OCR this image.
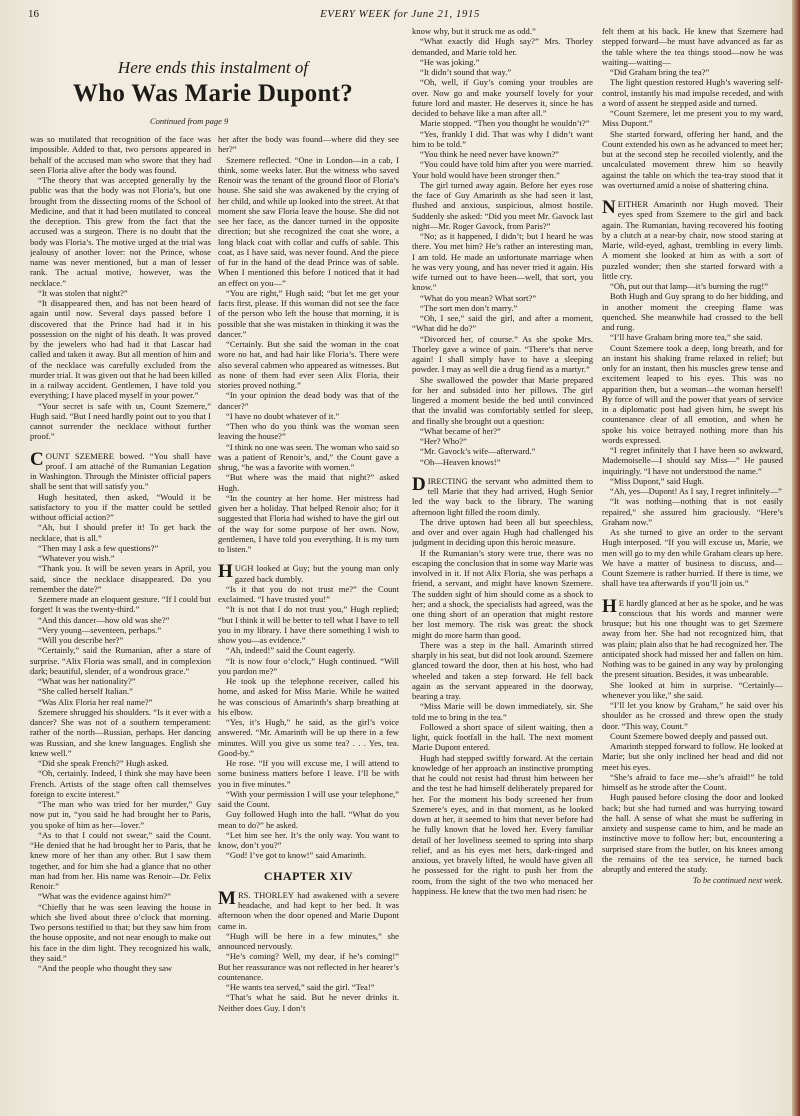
16	EVERY WEEK for June 21, 1915

Here ends this instalment of

Who Was Marie Dupont?
Continued from page 9

was so mutilated that recognition of the face was impossible. Added to that, two persons appeared in behalf of the accused man who swore that they had seen Floria alive after the body was found.

“The theory that was accepted generally by the public was that the body was not Floria’s, but one brought from the dissecting rooms of the School of Medicine, and that it had been mutilated to conceal the deception. This grew from the fact that the accused was a surgeon. There is no doubt that the body was Floria’s. The motive urged at the trial was jealousy of another lover: not the Prince, whose name was never mentioned, but a man of lesser rank. The actual motive, however, was the necklace.”

“It was stolen that night?”

“It disappeared then, and has not been heard of again until now. Several days passed before I discovered that the Prince had had it in his possession on the night of his death. It was proved by the jewelers who had had it that Lascar had called and taken it away. But all mention of him and of the necklace was carefully excluded from the murder trial. It was given out that he had been killed in a railway accident. Gentlemen, I have told you everything; I have placed myself in your power.”

“Your secret is safe with us, Count Szemere,” Hugh said. “But I need hardly point out to you that I cannot surrender the necklace without further proof.”

COUNT SZEMERE bowed. “You shall have proof. I am attaché of the Rumanian Legation in Washington. Through the Minister official papers shall be sent that will satisfy you.”

Hugh hesitated, then asked, “Would it be satisfactory to you if the matter could be settled without official action?”

“Ah, but I should prefer it! To get back the necklace, that is all.”

“Then may I ask a few questions?”

“Whatever you wish.”

“Thank you. It will be seven years in April, you said, since the necklace disappeared. Do you remember the date?”

Szemere made an eloquent gesture. “If I could but forget! It was the twenty-third.”

“And this dancer—how old was she?”

“Very young—seventeen, perhaps.”

“Will you describe her?”

“Certainly,” said the Rumanian, after a stare of surprise. “Alix Floria was small, and in complexion dark; beautiful, slender, of a wondrous grace.”

“What was her nationality?”

“She called herself Italian.”

“Was Alix Floria her real name?”

Szemere shrugged his shoulders. “Is it ever with a dancer? She was not of a southern temperament: rather of the north—Russian, perhaps. Her dancing was Russian, and she knew languages. English she knew well.”

“Did she speak French?” Hugh asked.

“Oh, certainly. Indeed, I think she may have been French. Artists of the stage often call themselves foreign to excite interest.”

“The man who was tried for her murder,” Guy now put in, “you said he had brought her to Paris, you spoke of him as her—lover.”

“As to that I could not swear,” said the Count. “He denied that he had brought her to Paris, that he knew more of her than any other. But I saw them together, and for him she had a glance that no other man had from her. His name was Renoir—Dr. Felix Renoir.”

“What was the evidence against him?”

“Chiefly that he was seen leaving the house in which she lived about three o’clock that morning. Two persons testified to that; but they saw him from the house opposite, and not near enough to make out his face in the dim light. They recognized his walk, they said.”

“And the people who thought they saw

her after the body was found—where did they see her?”

Szemere reflected. “One in London—in a cab, I think, some weeks later. But the witness who saved Renoir was the tenant of the ground floor of Floria’s house. She said she was awakened by the crying of her child, and while up looked into the street. At that moment she saw Floria leave the house. She did not see her face, as the dancer turned in the opposite direction; but she recognized the coat she wore, a long black coat with collar and cuffs of sable. This coat, as I have said, was never found. And the piece of fur in the hand of the dead Prince was of sable. When I mentioned this before I noticed that it had an effect on you—”

“You are right,” Hugh said; “but let me get your facts first, please. If this woman did not see the face of the person who left the house that morning, it is possible that she was mistaken in thinking it was the dancer.”

“Certainly. But she said the woman in the coat wore no hat, and had hair like Floria’s. There were also several cabmen who appeared as witnesses. But as none of them had ever seen Alix Floria, their stories proved nothing.”

“In your opinion the dead body was that of the dancer?”

“I have no doubt whatever of it.”

“Then who do you think was the woman seen leaving the house?”

“I think no one was seen. The woman who said so was a patient of Renoir’s, and,” the Count gave a shrug, “he was a favorite with women.”

“But where was the maid that night?” asked Hugh.

“In the country at her home. Her mistress had given her a holiday. That helped Renoir also; for it suggested that Floria had wished to have the girl out of the way for some purpose of her own. Now, gentlemen, I have told you everything. It is my turn to listen.”

HUGH looked at Guy; but the young man only gazed back dumbly.

“Is it that you do not trust me?” the Count exclaimed. “I have trusted you!”

“It is not that I do not trust you,” Hugh replied; “but I think it will be better to tell what I have to tell you in my library. I have there something I wish to show you—as evidence.”

“Ah, indeed!” said the Count eagerly.

“It is now four o’clock,” Hugh continued. “Will you pardon me?”

He took up the telephone receiver, called his home, and asked for Miss Marie. While he waited he was conscious of Amarinth’s sharp breathing at his elbow.

“Yes, it’s Hugh,” he said, as the girl’s voice answered. “Mr. Amarinth will be up there in a few minutes. Will you give us some tea? . . . Yes, tea. Good-by.”

He rose. “If you will excuse me, I will attend to some business matters before I leave. I’ll be with you in five minutes.”

“With your permission I will use your telephone,” said the Count.

Guy followed Hugh into the hall. “What do you mean to do?” he asked.

“Let him see her. It’s the only way. You want to know, don’t you?”

“God! I’ve got to know!” said Amarinth.

CHAPTER XIV

MRS. THORLEY had awakened with a severe headache, and had kept to her bed. It was afternoon when the door opened and Marie Dupont came in.

“Hugh will be here in a few minutes,” she announced nervously.

“He’s coming? Well, my dear, if he’s coming!” But her reassurance was not reflected in her hearer’s countenance.

“He wants tea served,” said the girl. “Tea!”

“That’s what he said. But he never drinks it. Neither does Guy. I don’t

know why, but it struck me as odd.”

“What exactly did Hugh say?” Mrs. Thorley demanded, and Marie told her.

“He was joking.”

“It didn’t sound that way.”

“Oh, well, if Guy’s coming your troubles are over. Now go and make yourself lovely for your future lord and master. He deserves it, since he has decided to behave like a man after all.”

Marie stopped. “Then you thought he wouldn’t?”

“Yes, frankly I did. That was why I didn’t want him to be told.”

“You think he need never have known?”

“You could have told him after you were married. Your hold would have been stronger then.”

The girl turned away again. Before her eyes rose the face of Guy Amarinth as she had seen it last, flushed and anxious, suspicious, almost hostile. Suddenly she asked: “Did you meet Mr. Gavock last night—Mr. Roger Gavock, from Paris?”

“No; as it happened, I didn’t; but I heard he was there. You met him? He’s rather an interesting man, I am told. He made an unfortunate marriage when he was very young, and has never tried it again. His wife turned out to have been—well, that sort, you know.”

“What do you mean? What sort?”

“The sort men don’t marry.”

“Oh, I see,” said the girl, and after a moment, “What did he do?”

“Divorced her, of course.” As she spoke Mrs. Thorley gave a wince of pain. “There’s that nerve again! I shall simply have to have a sleeping powder. I may as well die a drug fiend as a martyr.”

She swallowed the powder that Marie prepared for her and subsided into her pillows. The girl lingered a moment beside the bed until convinced that the invalid was comfortably settled for sleep, and finally she brought out a question:

“What became of her?”

“Her? Who?”

“Mr. Gavock’s wife—afterward.”

“Oh—Heaven knows!”

DIRECTING the servant who admitted them to tell Marie that they had arrived, Hugh Senior led the way back to the library. The waning afternoon light filled the room dimly.

The drive uptown had been all but speechless, and over and over again Hugh had challenged his judgment in deciding upon this heroic measure.

If the Rumanian’s story were true, there was no escaping the conclusion that in some way Marie was involved in it. If not Alix Floria, she was perhaps a friend, a servant, and might have known Szemere. The sudden sight of him should come as a shock to her; and a shock, the specialists had agreed, was the one thing short of an operation that might restore her lost memory. The risk was great: the shock might do more harm than good.

There was a step in the hall. Amarinth stirred sharply in his seat, but did not look around. Szemere glanced toward the door, then at his host, who had wheeled and taken a step forward. He fell back again as the servant appeared in the doorway, bearing a tray.

“Miss Marie will be down immediately, sir. She told me to bring in the tea.”

Followed a short space of silent waiting, then a light, quick footfall in the hall. The next moment Marie Dupont entered.

Hugh had stepped swiftly forward. At the certain knowledge of her approach an instinctive prompting that he could not resist had thrust him between her and the test he had himself deliberately prepared for her. For the moment his body screened her from Szemere’s eyes, and in that moment, as he looked down at her, it seemed to him that never before had he fully known that he loved her. Every familiar detail of her loveliness seemed to spring into sharp relief, and as his eyes met hers, dark-ringed and anxious, yet bravely lifted, he would have given all he possessed for the right to push her from the room, from the sight of the two who menaced her happiness. He knew that the two men had risen: he

felt them at his back. He knew that Szemere had stepped forward—he must have advanced as far as the table where the tea things stood—now he was waiting—waiting—

“Did Graham bring the tea?”

The light question restored Hugh’s wavering self-control, instantly his mad impulse receded, and with a word of assent he stepped aside and turned.

“Count Szemere, let me present you to my ward, Miss Dupont.”

She started forward, offering her hand, and the Count extended his own as he advanced to meet her; but at the second step he recoiled violently, and the uncalculated movement threw him so heavily against the table on which the tea-tray stood that it was overturned amid a noise of shattering china.

NEITHER Amarinth nor Hugh moved. Their eyes sped from Szemere to the girl and back again. The Rumanian, having recovered his footing by a clutch at a near-by chair, now stood staring at Marie, wild-eyed, aghast, trembling in every limb. A moment she looked at him as with a sort of puzzled wonder; then she started forward with a little cry.

“Oh, put out that lamp—it’s burning the rug!”

Both Hugh and Guy sprang to do her bidding, and in another moment the creeping flame was quenched. She meanwhile had crossed to the bell and rung.

“I’ll have Graham bring more tea,” she said.

Count Szemere took a deep, long breath, and for an instant his shaking frame relaxed in relief; but only for an instant, then his muscles grew tense and excitement leaped to his eyes. This was no apparition then, but a woman—the woman herself! By force of will and the power that years of service in a diplomatic post had given him, he swept his countenance clear of all emotion, and when he spoke his voice betrayed nothing more than his words expressed.

“I regret infinitely that I have been so awkward, Mademoiselle—I should say Miss—” He paused inquiringly. “I have not understood the name.”

“Miss Dupont,” said Hugh.

“Ah, yes—Dupont! As I say, I regret infinitely—”

“It was nothing—nothing that is not easily repaired,” she assured him graciously. “Here’s Graham now.”

As she turned to give an order to the servant Hugh interposed. “If you will excuse us, Marie, we men will go to my den while Graham clears up here. We have a matter of business to discuss, and—Count Szemere is rather hurried. If there is time, we shall have tea afterwards if you’ll join us.”

H E hardly glanced at her as he spoke, and he was conscious that his words and manner were brusque; but his one thought was to get Szemere away from her. She had not recognized him, that was plain; plain also that he had recognized her. The anticipated shock had missed her and fallen on him. Nothing was to be gained in any way by prolonging the present situation. Besides, it was unbearable.

She looked at him in surprise. “Certainly—whenever you like,” she said.

“I’ll let you know by Graham,” he said over his shoulder as he crossed and threw open the study door. “This way, Count.”

Count Szemere bowed deeply and passed out.

Amarinth stepped forward to follow. He looked at Marie; but she only inclined her head and did not meet his eyes.

“She’s afraid to face me—she’s afraid!” he told himself as he strode after the Count.

Hugh paused before closing the door and looked back; but she had turned and was hurrying toward the hall. A sense of what she must be suffering in anxiety and suspense came to him, and he made an instinctive move to follow her; but, encountering a surprised stare from the butler, on his knees among the remains of the tea service, he turned back abruptly and entered the study.

To be continued next week.
